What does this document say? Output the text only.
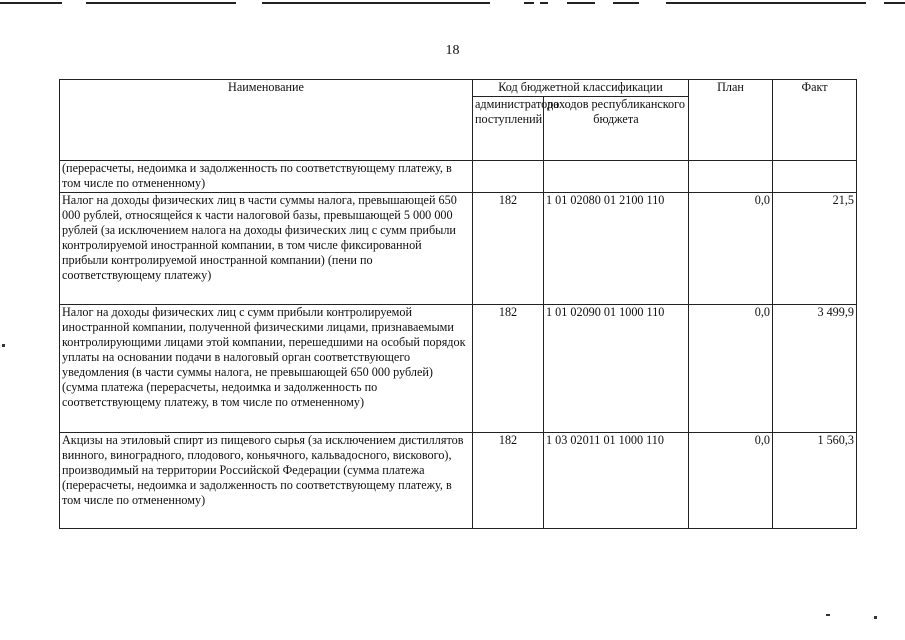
18
Наименование	Код бюджетной классификации		План	Факт
	администратора поступлений	доходов республиканского бюджета		
(перерасчеты, недоимка и задолженность по соответствующему платежу, в том числе по отмененному)				
Налог на доходы физических лиц в части суммы налога, превышающей 650 000 рублей, относящейся к части налоговой базы, превышающей 5 000 000 рублей (за исключением налога на доходы физических лиц с сумм прибыли контролируемой иностранной компании, в том числе фиксированной прибыли контролируемой иностранной компании) (пени по соответствующему платежу)	182	1 01 02080 01 2100 110	0,0	21,5
Налог на доходы физических лиц с сумм прибыли контролируемой иностранной компании, полученной физическими лицами, признаваемыми контролирующими лицами этой компании, перешедшими на особый порядок уплаты на основании подачи в налоговый орган соответствующего уведомления (в части суммы налога, не превышающей 650 000 рублей) (сумма платежа (перерасчеты, недоимка и задолженность по соответствующему платежу, в том числе по отмененному)	182	1 01 02090 01 1000 110	0,0	3 499,9
Акцизы на этиловый спирт из пищевого сырья (за исключением дистиллятов винного, виноградного, плодового, коньячного, кальвадосного, вискового), производимый на территории Российской Федерации (сумма платежа (перерасчеты, недоимка и задолженность по соответствующему платежу, в том числе по отмененному)	182	1 03 02011 01 1000 110	0,0	1 560,3
